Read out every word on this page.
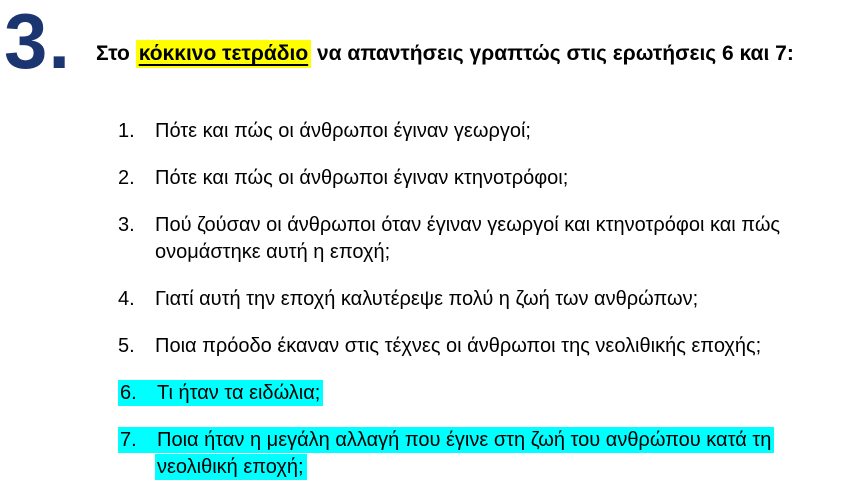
3. Στο κόκκινο τετράδιο να απαντήσεις γραπτώς στις ερωτήσεις 6 και 7:
1. Πότε και πώς οι άνθρωποι έγιναν γεωργοί;
2. Πότε και πώς οι άνθρωποι έγιναν κτηνοτρόφοι;
3. Πού ζούσαν οι άνθρωποι όταν έγιναν γεωργοί και κτηνοτρόφοι και πώς ονομάστηκε αυτή η εποχή;
4. Γιατί αυτή την εποχή καλυτέρεψε πολύ η ζωή των ανθρώπων;
5. Ποια πρόοδο έκαναν στις τέχνες οι άνθρωποι της νεολιθικής εποχής;
6. Τι ήταν τα ειδώλια;
7. Ποια ήταν η μεγάλη αλλαγή που έγινε στη ζωή του ανθρώπου κατά τη νεολιθική εποχή;
